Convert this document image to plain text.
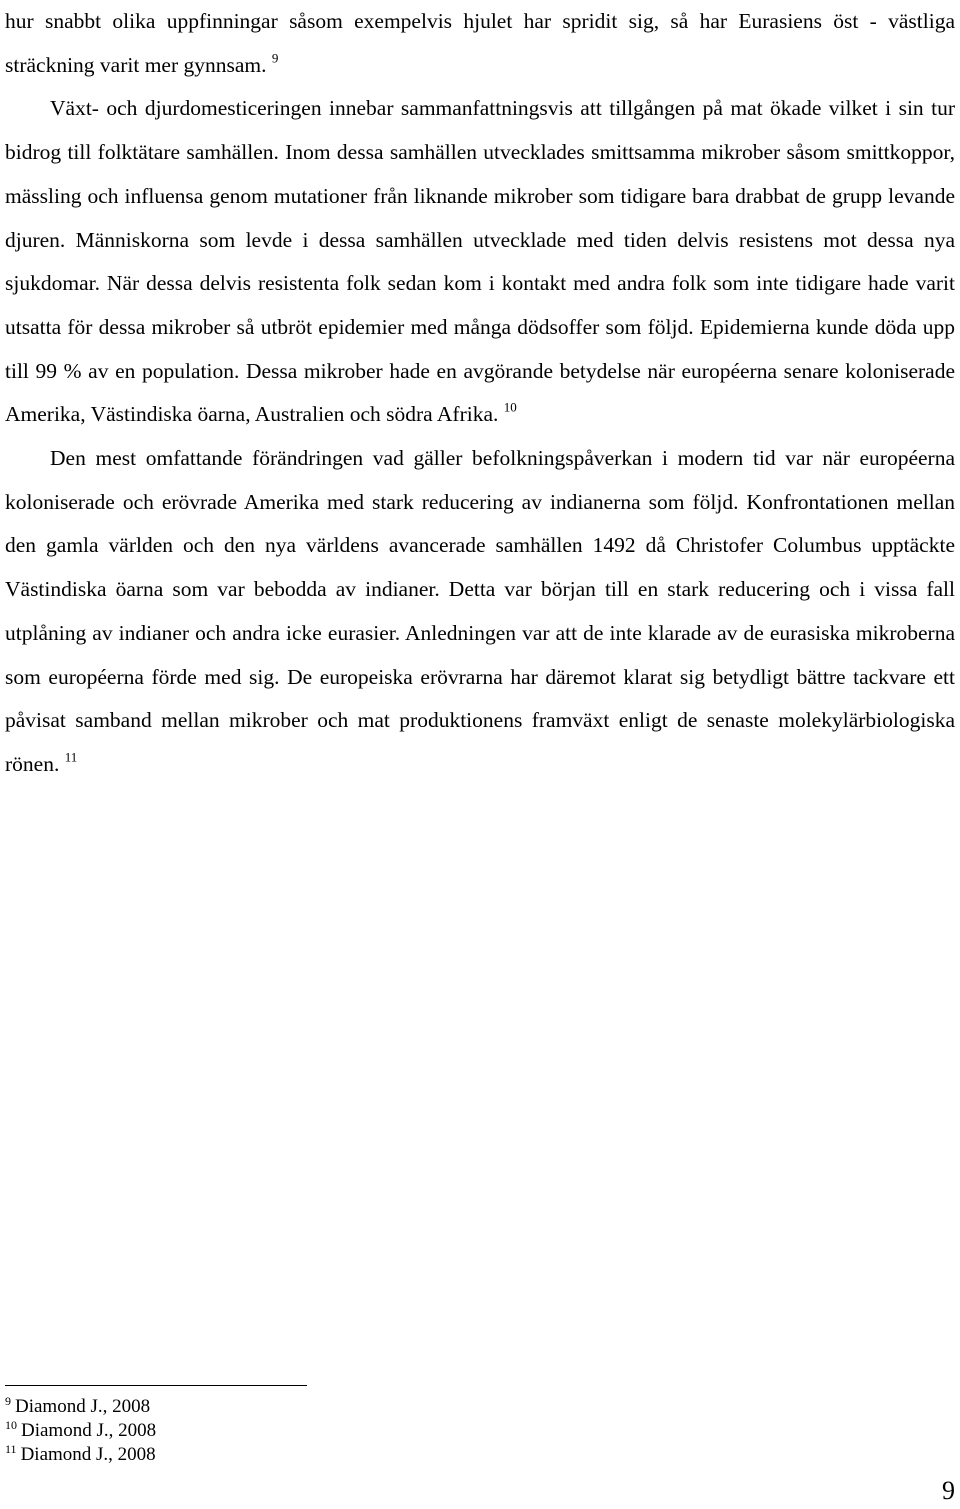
hur snabbt olika uppfinningar såsom exempelvis hjulet har spridit sig, så har Eurasiens öst - västliga sträckning varit mer gynnsam. $^9$

Växt- och djurdomesticeringen innebar sammanfattningsvis att tillgången på mat ökade vilket i sin tur bidrog till folktätare samhällen. Inom dessa samhällen utvecklades smittsamma mikrober såsom smittkoppor, mässling och influensa genom mutationer från liknande mikrober som tidigare bara drabbat de grupp levande djuren. Människorna som levde i dessa samhällen utvecklade med tiden delvis resistens mot dessa nya sjukdomar. När dessa delvis resistenta folk sedan kom i kontakt med andra folk som inte tidigare hade varit utsatta för dessa mikrober så utbröt epidemier med många dödsoffer som följd. Epidemierna kunde döda upp till 99 % av en population. Dessa mikrober hade en avgörande betydelse när européerna senare koloniserade Amerika, Västindiska öarna, Australien och södra Afrika. $^{10}$

Den mest omfattande förändringen vad gäller befolkningspåverkan i modern tid var när européerna koloniserade och erövrade Amerika med stark reducering av indianerna som följd. Konfrontationen mellan den gamla världen och den nya världens avancerade samhällen 1492 då Christofer Columbus upptäckte Västindiska öarna som var bebodda av indianer. Detta var början till en stark reducering och i vissa fall utplåning av indianer och andra icke eurasier. Anledningen var att de inte klarade av de eurasiska mikroberna som européerna förde med sig. De europeiska erövrarna har däremot klarat sig betydligt bättre tackvare ett påvisat samband mellan mikrober och mat produktionens framväxt enligt de senaste molekylärbiologiska rönen. $^{11}$

$^9$ Diamond J., 2008
$^{10}$ Diamond J., 2008
$^{11}$ Diamond J., 2008
9
